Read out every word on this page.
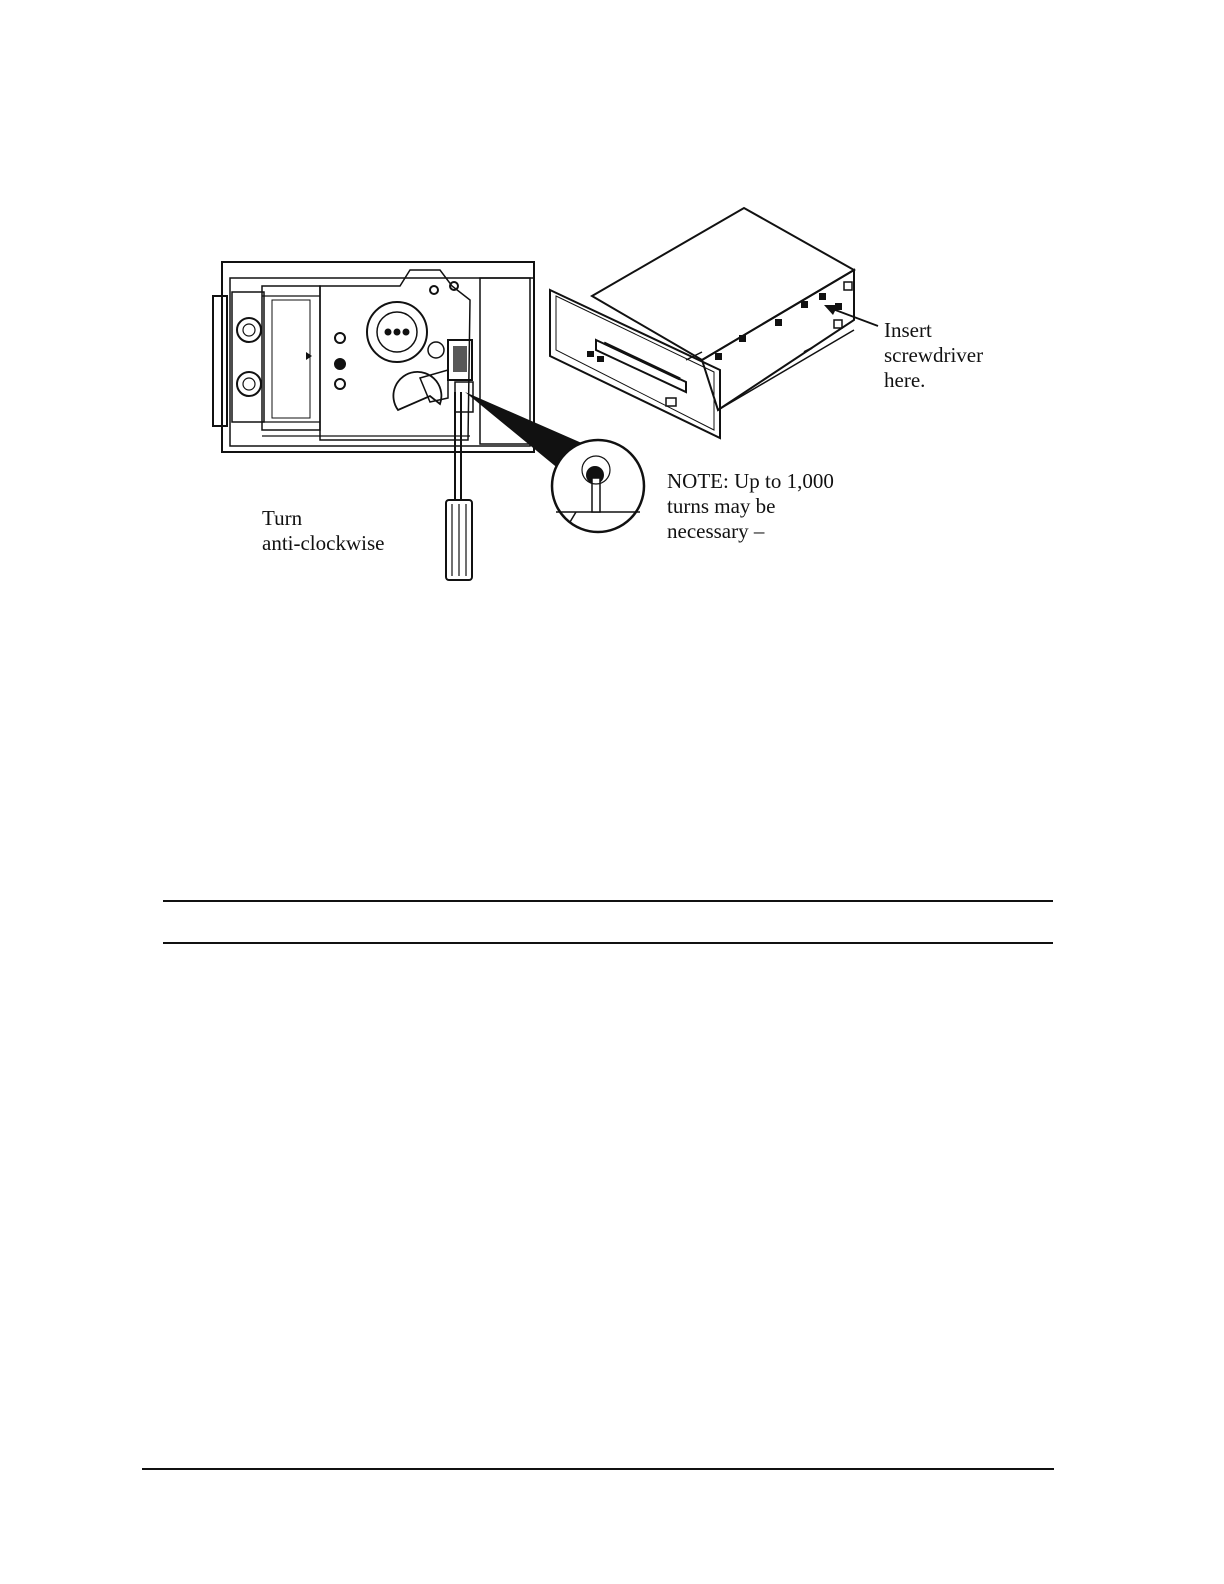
Turn
anti-clockwise
NOTE: Up to 1,000
turns may be
necessary –
Insert
screwdriver
here.
